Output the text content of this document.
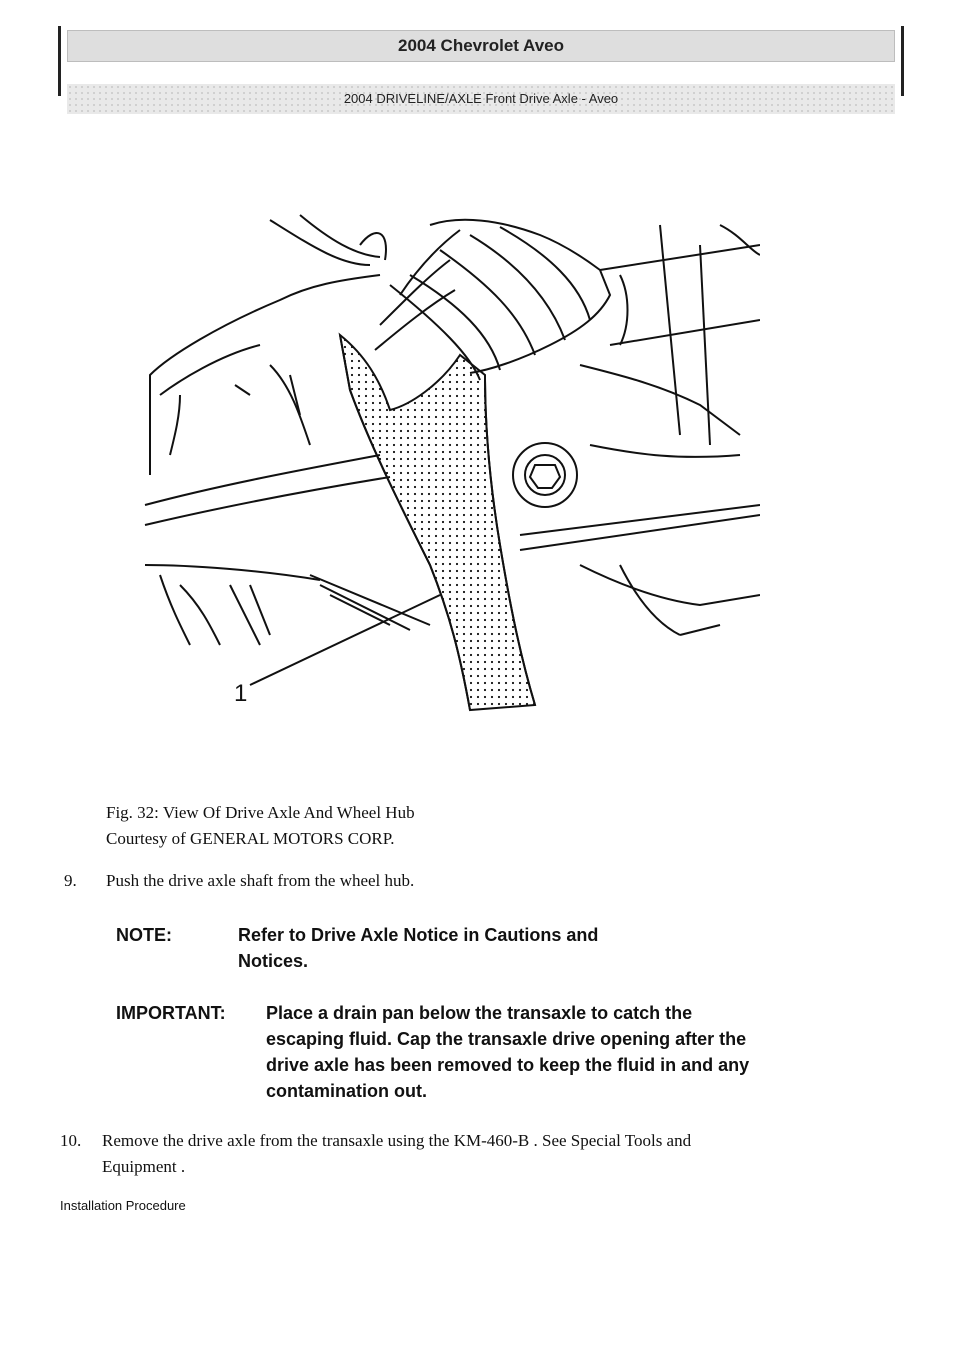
2004 Chevrolet Aveo
2004 DRIVELINE/AXLE Front Drive Axle - Aveo
1
Fig. 32: View Of Drive Axle And Wheel Hub
Courtesy of GENERAL MOTORS CORP.
9. Push the drive axle shaft from the wheel hub.
NOTE:	Refer to Drive Axle Notice in Cautions and
Notices.
IMPORTANT: Place a drain pan below the transaxle to catch the
escaping fluid. Cap the transaxle drive opening after the
drive axle has been removed to keep the fluid in and any
contamination out.
10. Remove the drive axle from the transaxle using the KM-460-B . See Special Tools and
Equipment .
Installation Procedure
